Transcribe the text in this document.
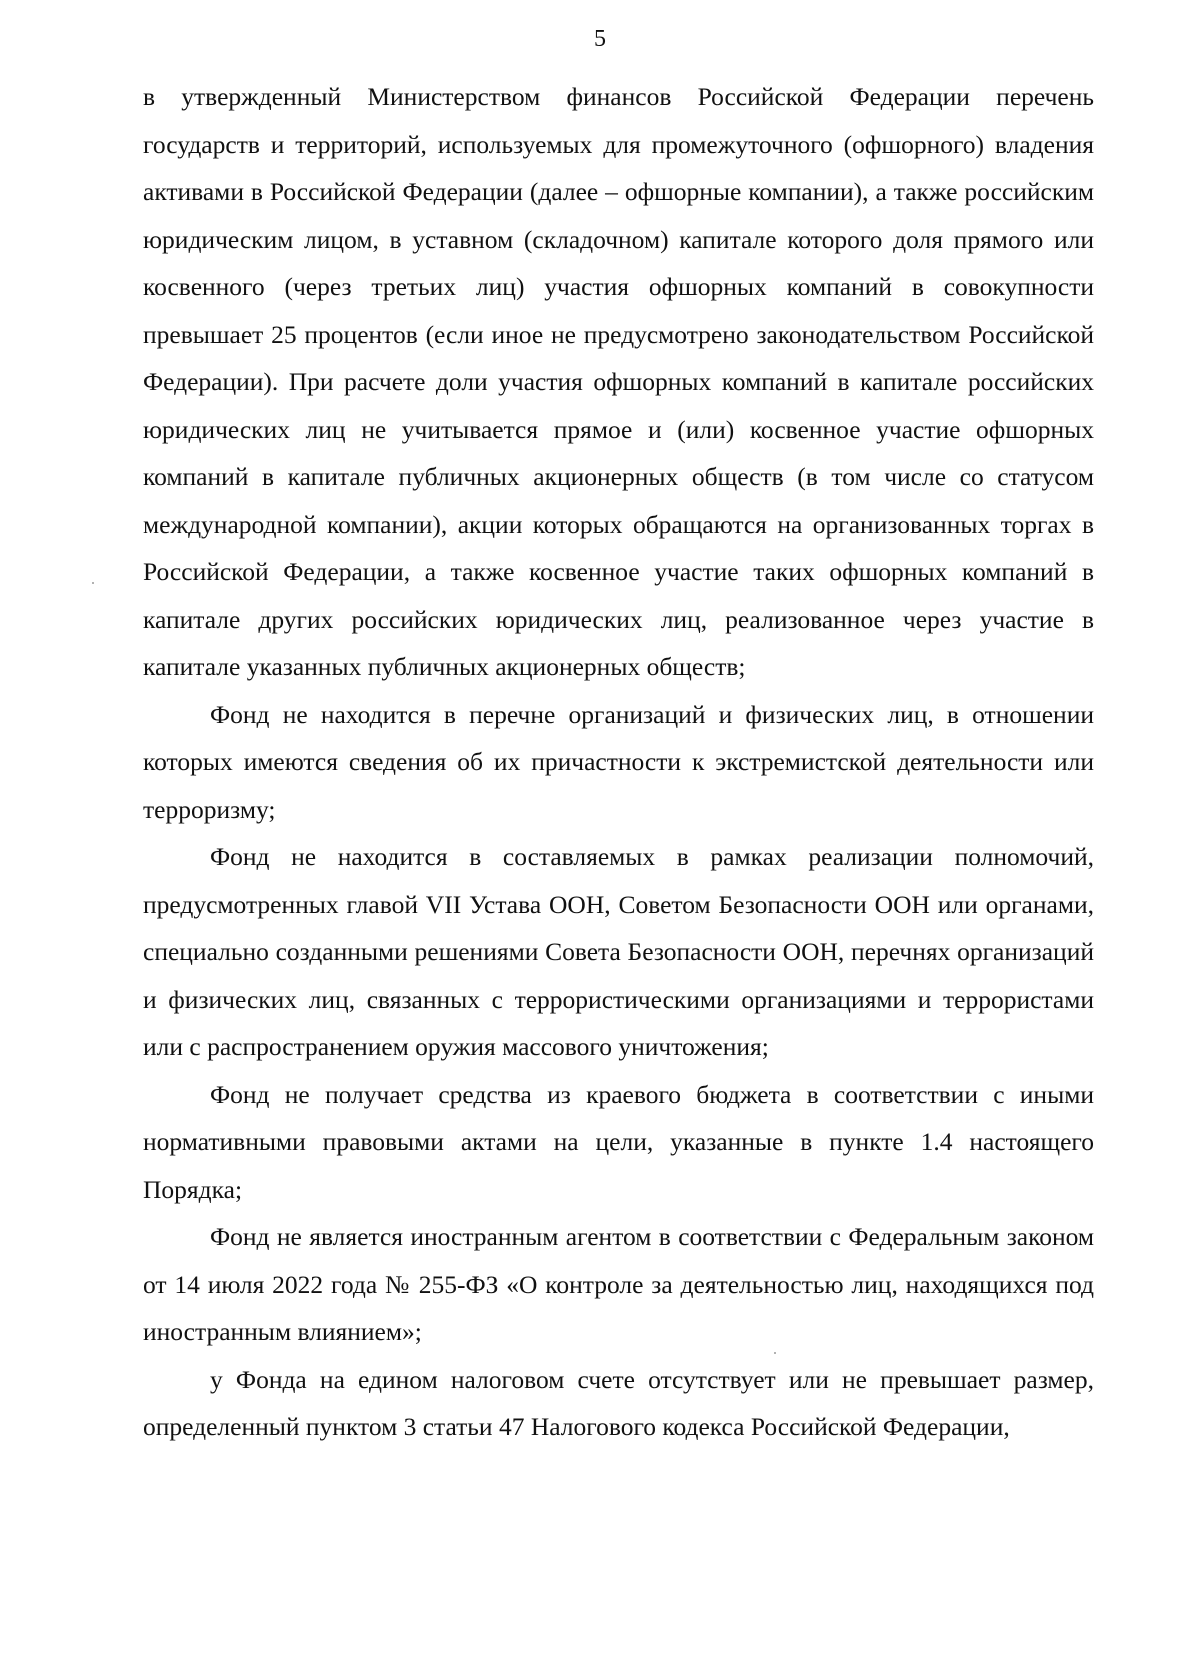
5

в утвержденный Министерством финансов Российской Федерации перечень государств и территорий, используемых для промежуточного (офшорного) владения активами в Российской Федерации (далее – офшорные компании), а также российским юридическим лицом, в уставном (складочном) капитале которого доля прямого или косвенного (через третьих лиц) участия офшорных компаний в совокупности превышает 25 процентов (если иное не предусмотрено законодательством Российской Федерации). При расчете доли участия офшорных компаний в капитале российских юридических лиц не учитывается прямое и (или) косвенное участие офшорных компаний в капитале публичных акционерных обществ (в том числе со статусом международной компании), акции которых обращаются на организованных торгах в Российской Федерации, а также косвенное участие таких офшорных компаний в капитале других российских юридических лиц, реализованное через участие в капитале указанных публичных акционерных обществ;

Фонд не находится в перечне организаций и физических лиц, в отношении которых имеются сведения об их причастности к экстремистской деятельности или терроризму;

Фонд не находится в составляемых в рамках реализации полномочий, предусмотренных главой VII Устава ООН, Советом Безопасности ООН или органами, специально созданными решениями Совета Безопасности ООН, перечнях организаций и физических лиц, связанных с террористическими организациями и террористами или с распространением оружия массового уничтожения;

Фонд не получает средства из краевого бюджета в соответствии с иными нормативными правовыми актами на цели, указанные в пункте 1.4 настоящего Порядка;

Фонд не является иностранным агентом в соответствии с Федеральным законом от 14 июля 2022 года № 255-ФЗ «О контроле за деятельностью лиц, находящихся под иностранным влиянием»;

у Фонда на едином налоговом счете отсутствует или не превышает размер, определенный пунктом 3 статьи 47 Налогового кодекса Российской Федерации,
